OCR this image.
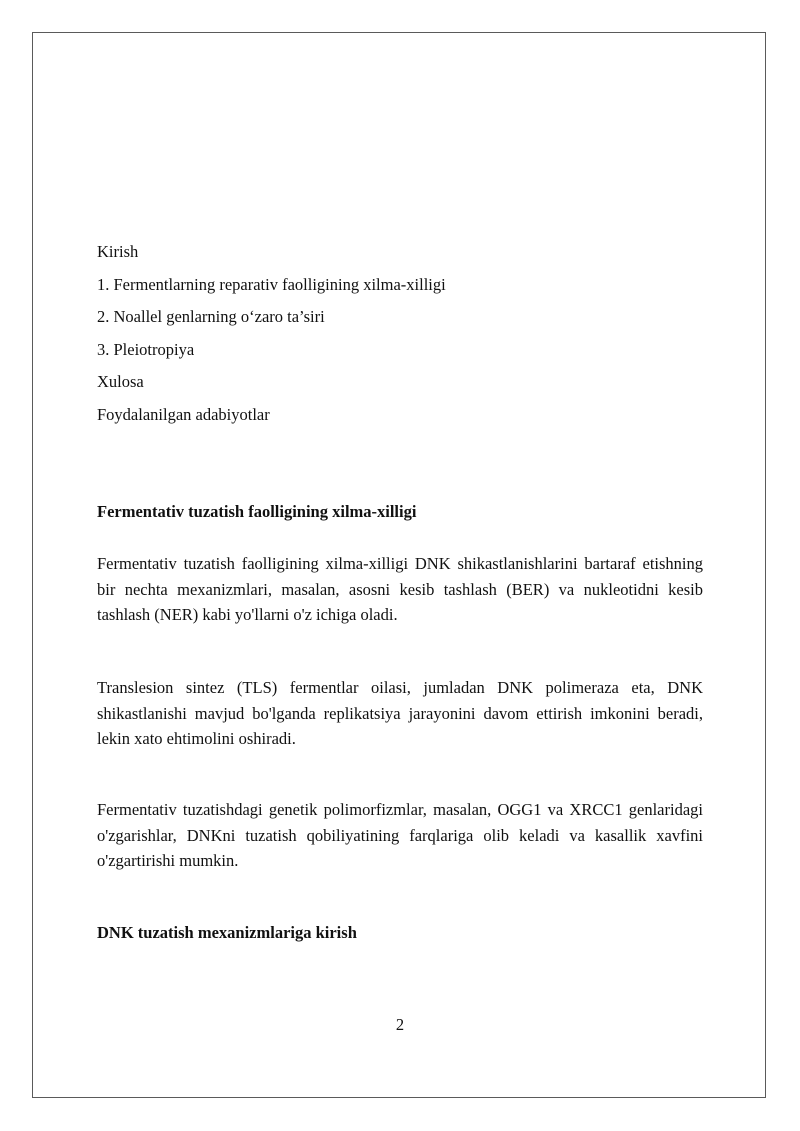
Kirish
1. Fermentlarning reparativ faolligining xilma-xilligi
2. Noallel genlarning o‘zaro ta’siri
3. Pleiotropiya
Xulosa
Foydalanilgan adabiyotlar
Fermentativ tuzatish faolligining xilma-xilligi

Fermentativ tuzatish faolligining xilma-xilligi DNK shikastlanishlarini bartaraf etishning bir nechta mexanizmlari, masalan, asosni kesib tashlash (BER) va nukleotidni kesib tashlash (NER) kabi yo'llarni o'z ichiga oladi.

Translesion sintez (TLS) fermentlar oilasi, jumladan DNK polimeraza eta, DNK shikastlanishi mavjud bo'lganda replikatsiya jarayonini davom ettirish imkonini beradi, lekin xato ehtimolini oshiradi.

Fermentativ tuzatishdagi genetik polimorfizmlar, masalan, OGG1 va XRCC1 genlaridagi o'zgarishlar, DNKni tuzatish qobiliyatining farqlariga olib keladi va kasallik xavfini o'zgartirishi mumkin.

DNK tuzatish mexanizmlariga kirish
2
